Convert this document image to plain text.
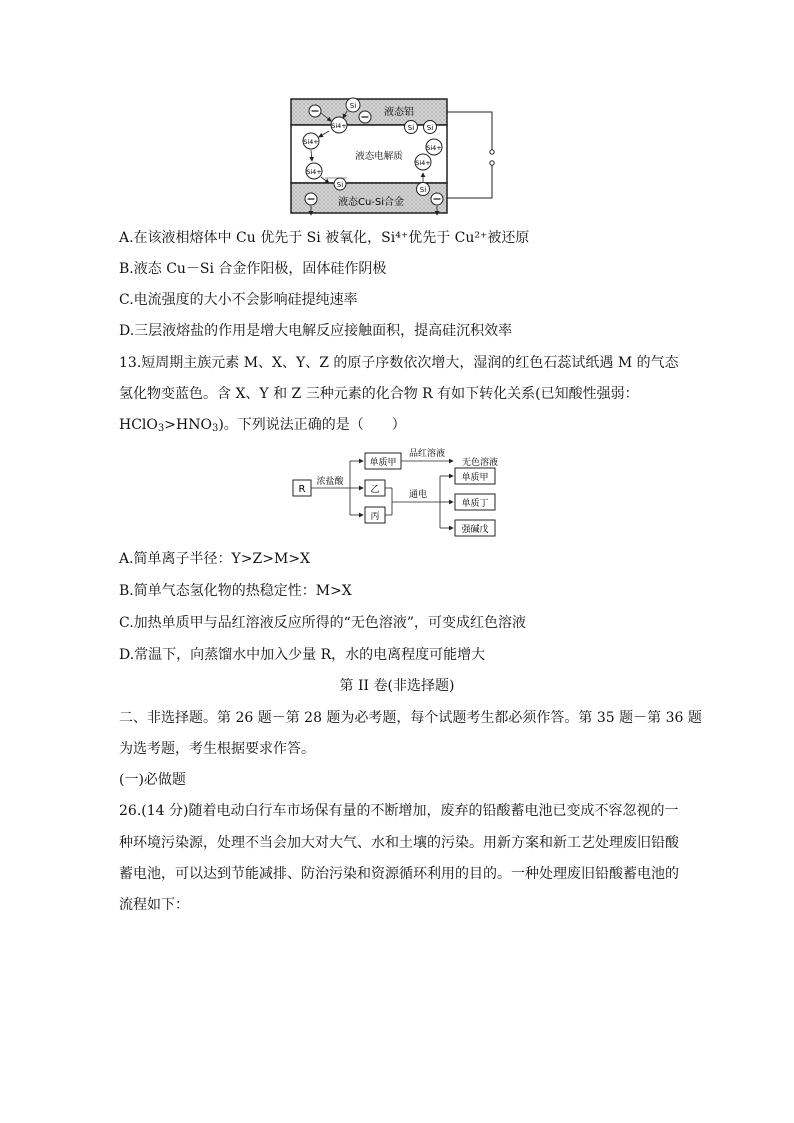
液态铝
液态电解质
液态Cu-Si合金
Si
Si4+	Si Si
Si4+
Si4+
Si
Si4+
Si4+
Si
A.在该液相熔体中 Cu 优先于 Si 被氧化，Si⁴⁺优先于 Cu²⁺被还原
B.液态 Cu－Si 合金作阳极，固体硅作阴极
C.电流强度的大小不会影响硅提纯速率
D.三层液熔盐的作用是增大电解反应接触面积，提高硅沉积效率
13.短周期主族元素 M、X、Y、Z 的原子序数依次增大，湿润的红色石蕊试纸遇 M 的气态
氢化物变蓝色。含 X、Y 和 Z 三种元素的化合物 R 有如下转化关系(已知酸性强弱：
$HClO_3>HNO_3$)。下列说法正确的是（　　）
R
浓盐酸
单质甲
品红溶液
无色溶液
乙
丙
通电
单质甲
单质丁
强碱戊
A.简单离子半径：Y>Z>M>X
B.简单气态氢化物的热稳定性：M>X
C.加热单质甲与品红溶液反应所得的“无色溶液”，可变成红色溶液
D.常温下，向蒸馏水中加入少量 R，水的电离程度可能增大
第 II 卷(非选择题)
二、非选择题。第 26 题－第 28 题为必考题，每个试题考生都必须作答。第 35 题－第 36 题
为选考题，考生根据要求作答。
(一)必做题
26.(14 分)随着电动白行车市场保有量的不断增加，废弃的铅酸蓄电池已变成不容忽视的一
种环境污染源，处理不当会加大对大气、水和土壤的污染。用新方案和新工艺处理废旧铅酸
蓄电池，可以达到节能减排、防治污染和资源循环利用的目的。一种处理废旧铅酸蓄电池的
流程如下：
